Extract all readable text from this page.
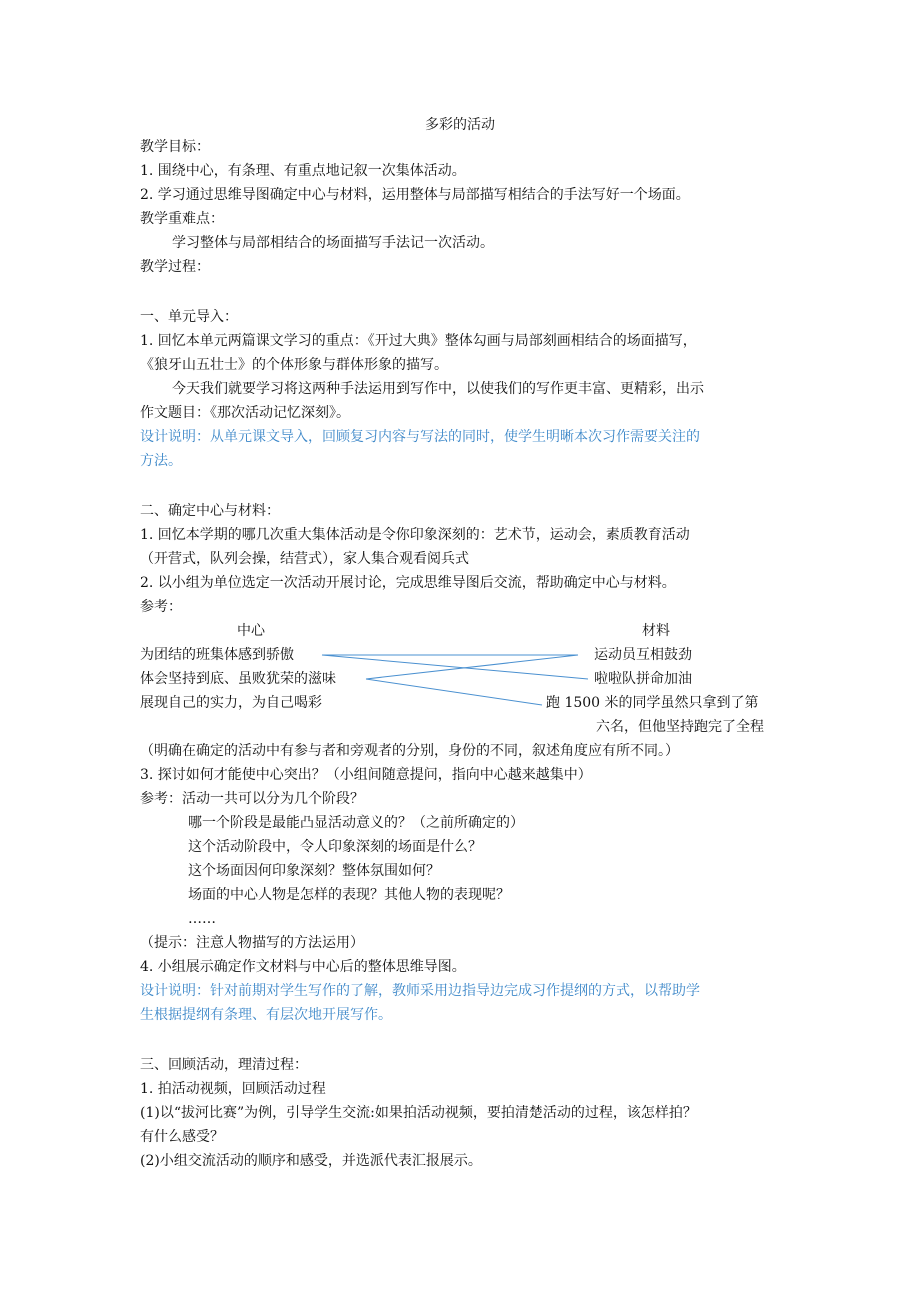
多彩的活动
教学目标：
1. 围绕中心，有条理、有重点地记叙一次集体活动。
2. 学习通过思维导图确定中心与材料，运用整体与局部描写相结合的手法写好一个场面。
教学重难点：
学习整体与局部相结合的场面描写手法记一次活动。
教学过程：
一、单元导入：
1. 回忆本单元两篇课文学习的重点：《开过大典》整体勾画与局部刻画相结合的场面描写，
《狼牙山五壮士》的个体形象与群体形象的描写。
今天我们就要学习将这两种手法运用到写作中，以使我们的写作更丰富、更精彩，出示
作文题目：《那次活动记忆深刻》。
设计说明：从单元课文导入，回顾复习内容与写法的同时，使学生明晰本次习作需要关注的
方法。
二、确定中心与材料：
1. 回忆本学期的哪几次重大集体活动是令你印象深刻的：艺术节，运动会，素质教育活动
（开营式，队列会操，结营式），家人集合观看阅兵式
2. 以小组为单位选定一次活动开展讨论，完成思维导图后交流，帮助确定中心与材料。
参考：
中心	材料
为团结的班集体感到骄傲
体会坚持到底、虽败犹荣的滋味
展现自己的实力，为自己喝彩
运动员互相鼓劲
啦啦队拼命加油
跑 1500 米的同学虽然只拿到了第
六名，但他坚持跑完了全程
（明确在确定的活动中有参与者和旁观者的分别，身份的不同，叙述角度应有所不同。）
3. 探讨如何才能使中心突出？（小组间随意提问，指向中心越来越集中）
参考：活动一共可以分为几个阶段？
哪一个阶段是最能凸显活动意义的？（之前所确定的）
这个活动阶段中，令人印象深刻的场面是什么？
这个场面因何印象深刻？整体氛围如何？
场面的中心人物是怎样的表现？其他人物的表现呢？
……
（提示：注意人物描写的方法运用）
4. 小组展示确定作文材料与中心后的整体思维导图。
设计说明：针对前期对学生写作的了解，教师采用边指导边完成习作提纲的方式，以帮助学
生根据提纲有条理、有层次地开展写作。
三、回顾活动，理清过程：
1. 拍活动视频，回顾活动过程
(1)以“拔河比赛”为例，引导学生交流:如果拍活动视频，要拍清楚活动的过程，该怎样拍？
有什么感受？
(2)小组交流活动的顺序和感受，并选派代表汇报展示。
